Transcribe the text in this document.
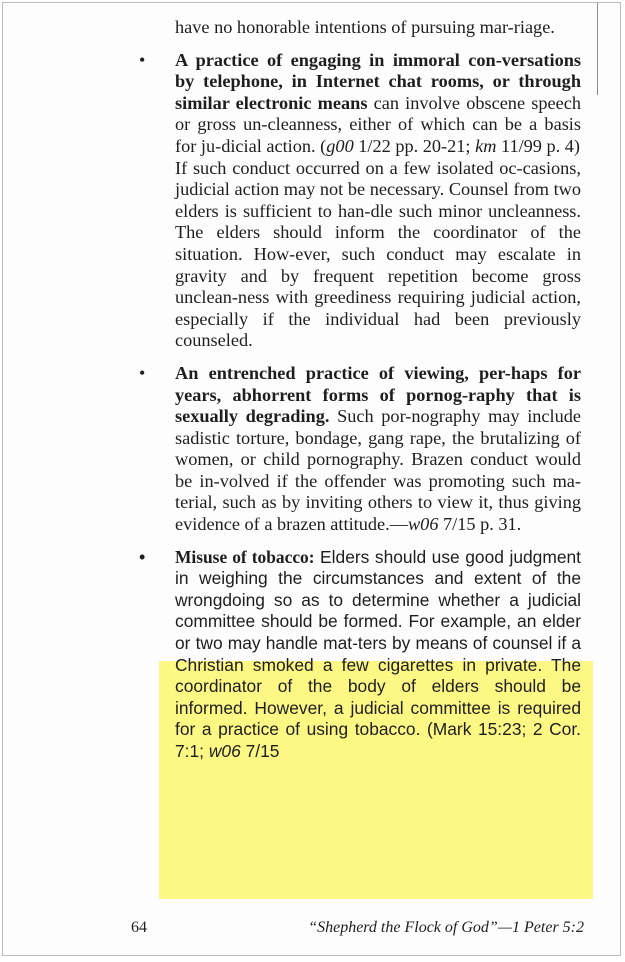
have no honorable intentions of pursuing mar-riage.
• A practice of engaging in immoral con-versations by telephone, in Internet chat rooms, or through similar electronic means can involve obscene speech or gross un-cleanness, either of which can be a basis for ju-dicial action. (g00 1/22 pp. 20-21; km 11/99 p. 4)
If such conduct occurred on a few isolated oc-casions, judicial action may not be necessary. Counsel from two elders is sufficient to han-dle such minor uncleanness. The elders should inform the coordinator of the situation. How-ever, such conduct may escalate in gravity and by frequent repetition become gross unclean-ness with greediness requiring judicial action, especially if the individual had been previously counseled.
• An entrenched practice of viewing, per-haps for years, abhorrent forms of pornog-raphy that is sexually degrading. Such por-nography may include sadistic torture, bondage, gang rape, the brutalizing of women, or child pornography. Brazen conduct would be in-volved if the offender was promoting such ma-terial, such as by inviting others to view it, thus giving evidence of a brazen attitude.—w06 7/15 p. 31.
• Misuse of tobacco: Elders should use good judgment in weighing the circumstances and extent of the wrongdoing so as to determine whether a judicial committee should be formed. For example, an elder or two may handle mat-ters by means of counsel if a Christian smoked a few cigarettes in private. The coordinator of the body of elders should be informed. However, a judicial committee is required for a practice of using tobacco. (Mark 15:23; 2 Cor. 7:1; w06 7/15
64	“Shepherd the Flock of God”—1 Peter 5:2
